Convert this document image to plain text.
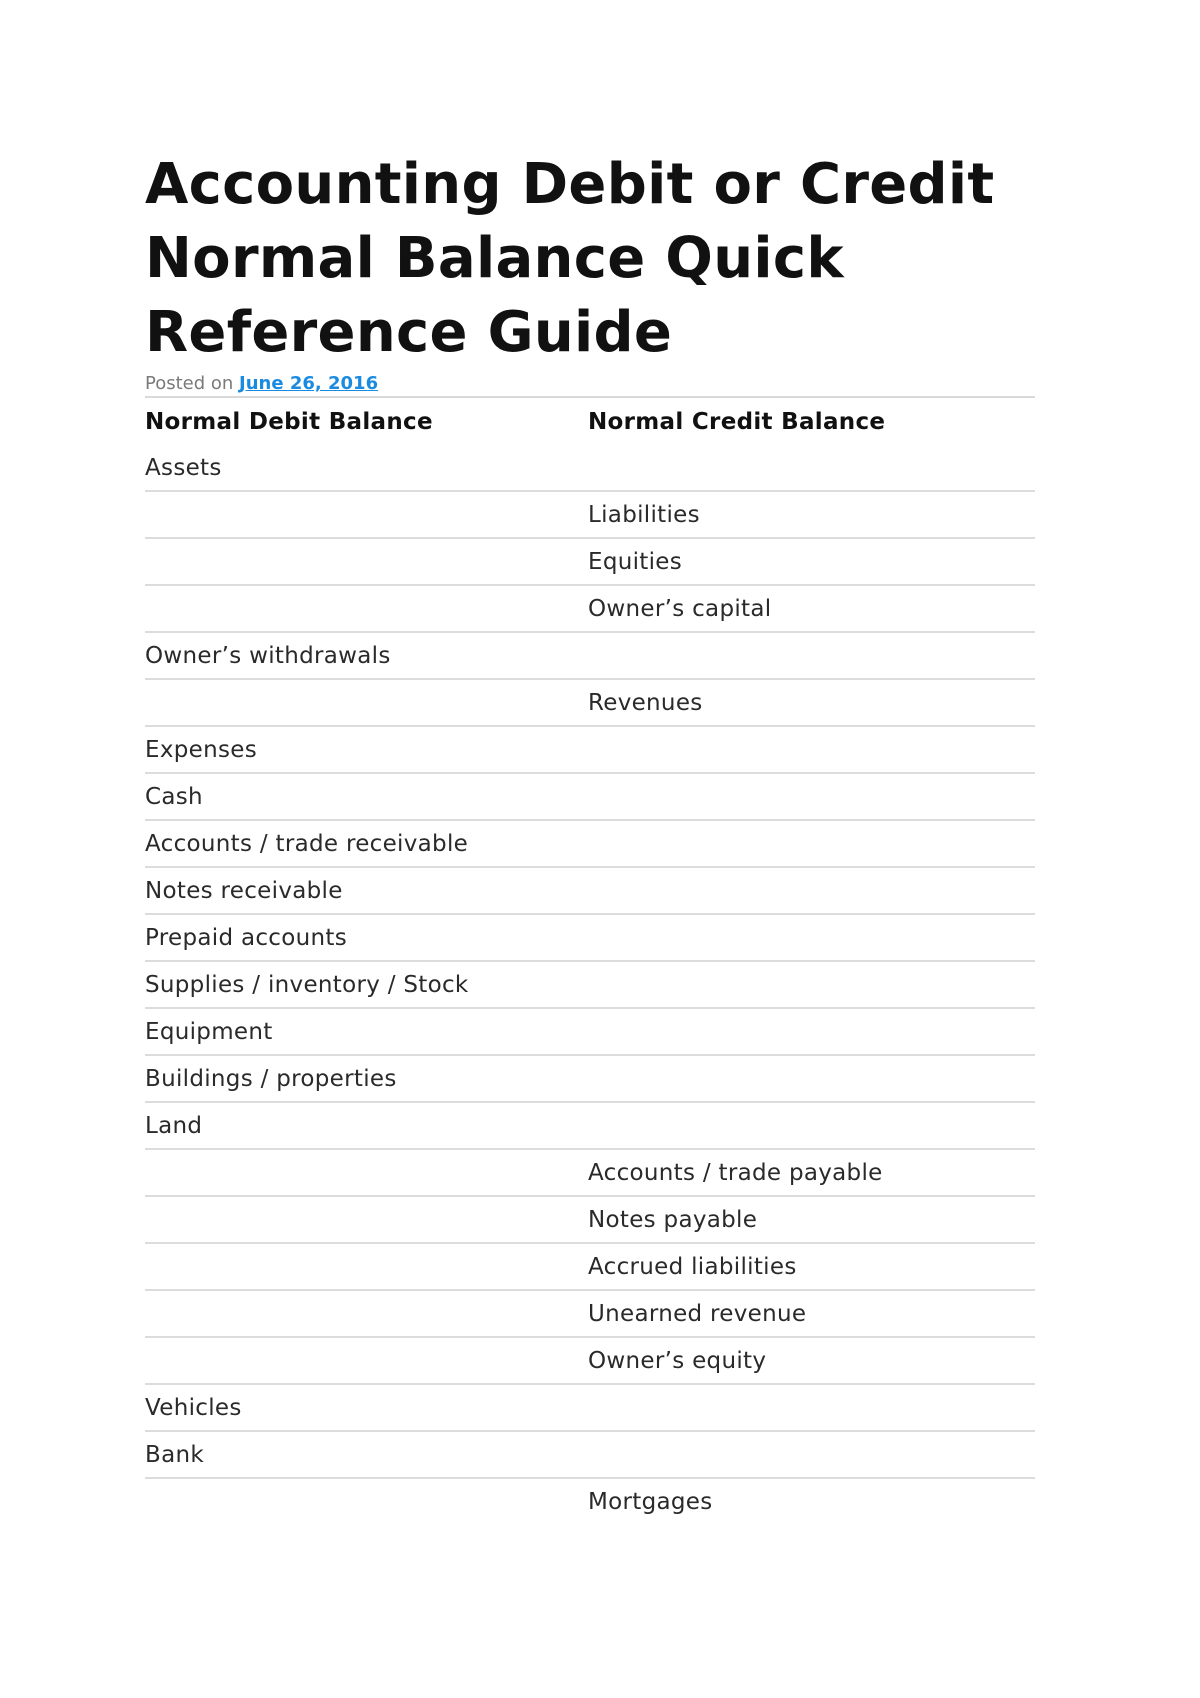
Accounting Debit or Credit Normal Balance Quick Reference Guide
Posted on June 26, 2016
Normal Debit Balance	Normal Credit Balance
Assets	
	Liabilities
	Equities
	Owner’s capital
Owner’s withdrawals	
	Revenues
Expenses	
Cash	
Accounts / trade receivable	
Notes receivable	
Prepaid accounts	
Supplies / inventory / Stock	
Equipment	
Buildings / properties	
Land	
	Accounts / trade payable
	Notes payable
	Accrued liabilities
	Unearned revenue
	Owner’s equity
Vehicles	
Bank	
	Mortgages
